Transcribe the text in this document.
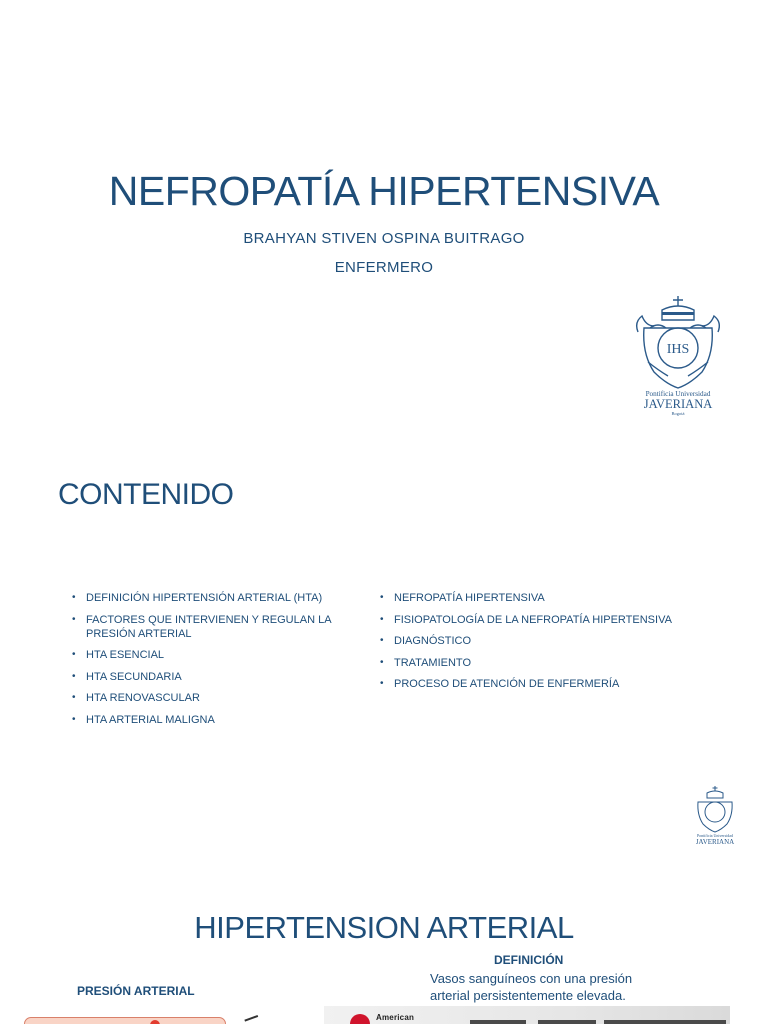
NEFROPATÍA HIPERTENSIVA
BRAHYAN STIVEN OSPINA BUITRAGO
ENFERMERO
IHS
Pontificia Universidad
JAVERIANA
Bogotá
CONTENIDO
• DEFINICIÓN HIPERTENSIÓN ARTERIAL (HTA)
• FACTORES QUE INTERVIENEN Y REGULAN LA PRESIÓN ARTERIAL
• HTA ESENCIAL
• HTA SECUNDARIA
• HTA RENOVASCULAR
• HTA ARTERIAL MALIGNA
• NEFROPATÍA HIPERTENSIVA
• FISIOPATOLOGÍA DE LA NEFROPATÍA HIPERTENSIVA
• DIAGNÓSTICO
• TRATAMIENTO
• PROCESO DE ATENCIÓN DE ENFERMERÍA
Pontificia Universidad
JAVERIANA
HIPERTENSION ARTERIAL
PRESIÓN ARTERIAL
DEFINICIÓN
Vasos sanguíneos con una presión arterial persistentemente elevada.
American
